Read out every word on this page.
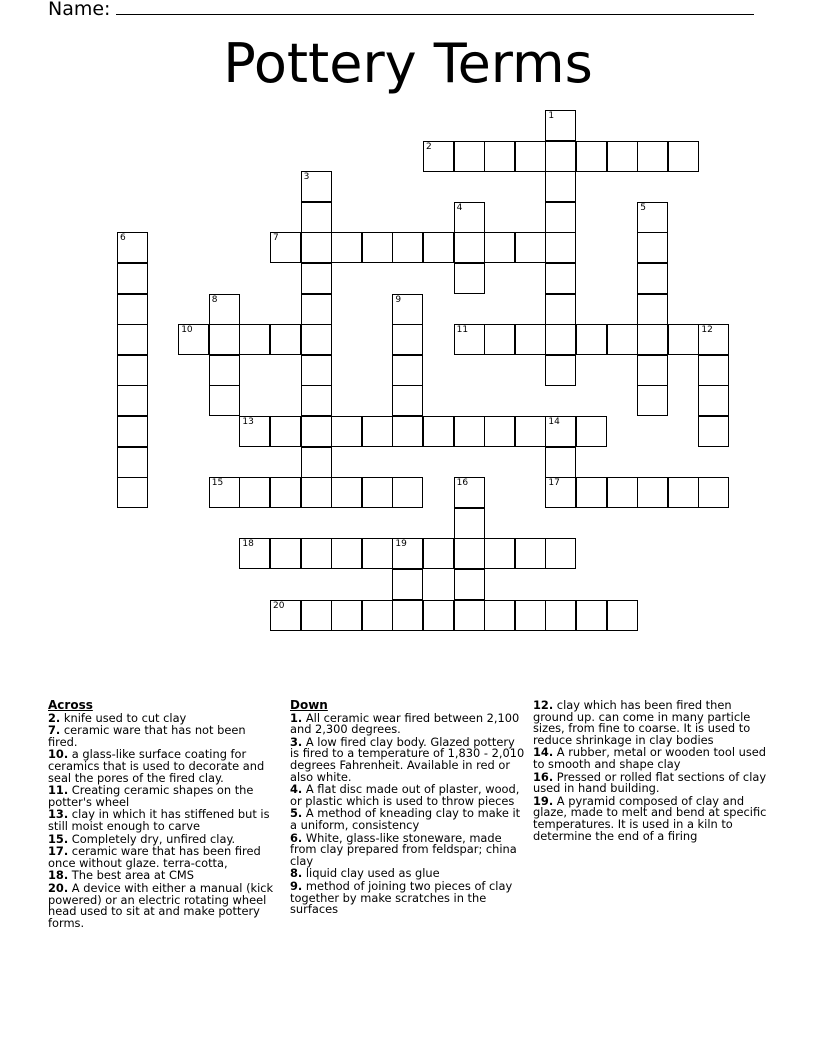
Name:
Pottery Terms
2
7
10	11	12
13	14
15	17
18	19
20
1
3
4	5
6
8	9
16
Across
2. knife used to cut clay
7. ceramic ware that has not been fired.
10. a glass-like surface coating for ceramics that is used to decorate and seal the pores of the fired clay.
11. Creating ceramic shapes on the potter's wheel
13. clay in which it has stiffened but is still moist enough to carve
15. Completely dry, unfired clay.
17. ceramic ware that has been fired once without glaze. terra-cotta,
18. The best area at CMS
20. A device with either a manual (kick powered) or an electric rotating wheel head used to sit at and make pottery forms.
Down
1. All ceramic wear fired between 2,100 and 2,300 degrees.
3. A low fired clay body. Glazed pottery is fired to a temperature of 1,830 - 2,010 degrees Fahrenheit. Available in red or also white.
4. A flat disc made out of plaster, wood, or plastic which is used to throw pieces
5. A method of kneading clay to make it a uniform, consistency
6. White, glass-like stoneware, made from clay prepared from feldspar; china clay
8. liquid clay used as glue
9. method of joining two pieces of clay together by make scratches in the surfaces
12. clay which has been fired then ground up. can come in many particle sizes, from fine to coarse. It is used to reduce shrinkage in clay bodies
14. A rubber, metal or wooden tool used to smooth and shape clay
16. Pressed or rolled flat sections of clay used in hand building.
19. A pyramid composed of clay and glaze, made to melt and bend at specific temperatures. It is used in a kiln to determine the end of a firing
